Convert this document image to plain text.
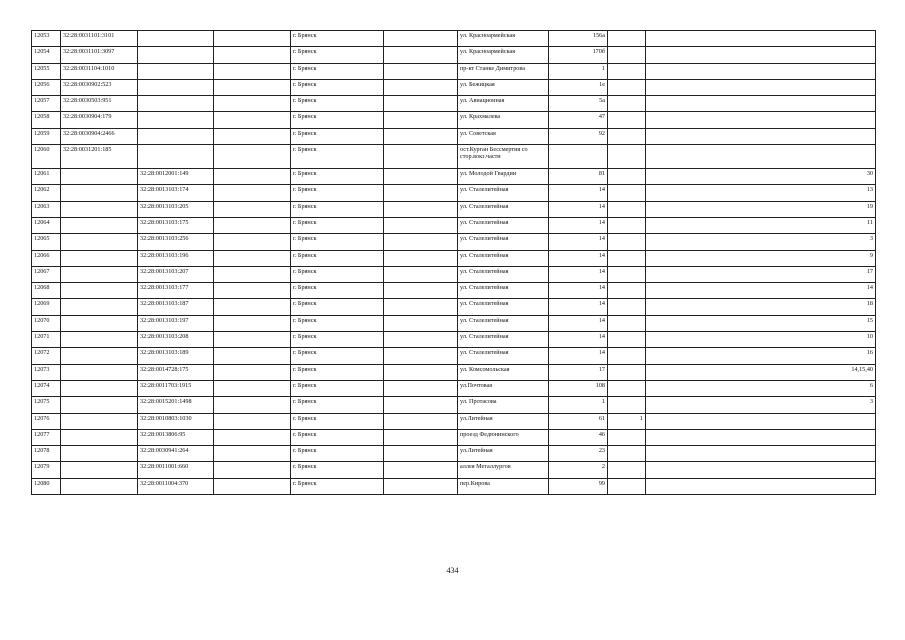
12053	32:28:0031101:3101			г. Брянск		ул. Красноармейская	156а		
12054	32:28:0031101:3097			г. Брянск		ул. Красноармейская	170б		
12055	32:28:0031104:1010			г. Брянск		пр-кт Станке Димитрова	1		
12056	32:28:0030902:523			г. Брянск		ул. Бежицкая	1е		
12057	32:28:0030503:951			г. Брянск		ул. Авиационная	5а		
12058	32:28:0030904:179			г. Брянск		ул. Крахмалева	47		
12059	32:28:0030904:2466			г. Брянск		ул. Советская	92		
12060	32:28:0031201:185			г. Брянск		ост.Курган Бессмертия со стор.вокз.части			
12061		32:28:0012001:149		г. Брянск		ул. Молодой Гвардии	81		30
12062		32:28:0013103:174		г. Брянск		ул. Сталелитейная	14		13
12063		32:28:0013103:205		г. Брянск		ул. Сталелитейная	14		19
12064		32:28:0013103:175		г. Брянск		ул. Сталелитейная	14		11
12065		32:28:0013103:256		г. Брянск		ул. Сталелитейная	14		3
12066		32:28:0013103:196		г. Брянск		ул. Сталелитейная	14		9
12067		32:28:0013103:207		г. Брянск		ул. Сталелитейная	14		17
12068		32:28:0013103:177		г. Брянск		ул. Сталелитейная	14		14
12069		32:28:0013103:187		г. Брянск		ул. Сталелитейная	14		18
12070		32:28:0013103:197		г. Брянск		ул. Сталелитейная	14		15
12071		32:28:0013103:208		г. Брянск		ул. Сталелитейная	14		10
12072		32:28:0013103:189		г. Брянск		ул. Сталелитейная	14		16
12073		32:28:0014728:175		г. Брянск		ул. Комсомольская	17		14,15,40
12074		32:28:0011703:1915		г. Брянск		ул.Почтовая	108		6
12075		32:28:0015201:1498		г. Брянск		ул. Протасова	1		3
12076		32:28:0010803:1030		г. Брянск		ул.Литейная	61	1	
12077		32:28:0013806:95		г. Брянск		проезд Федюнинского	46		
12078		32:28:0030941:264		г. Брянск		ул.Литейная	23		
12079		32:28:0011001:660		г. Брянск		аллея Металлургов	2		
12080		32:28:0011004:370		г. Брянск		пер.Кирова	99		
434
